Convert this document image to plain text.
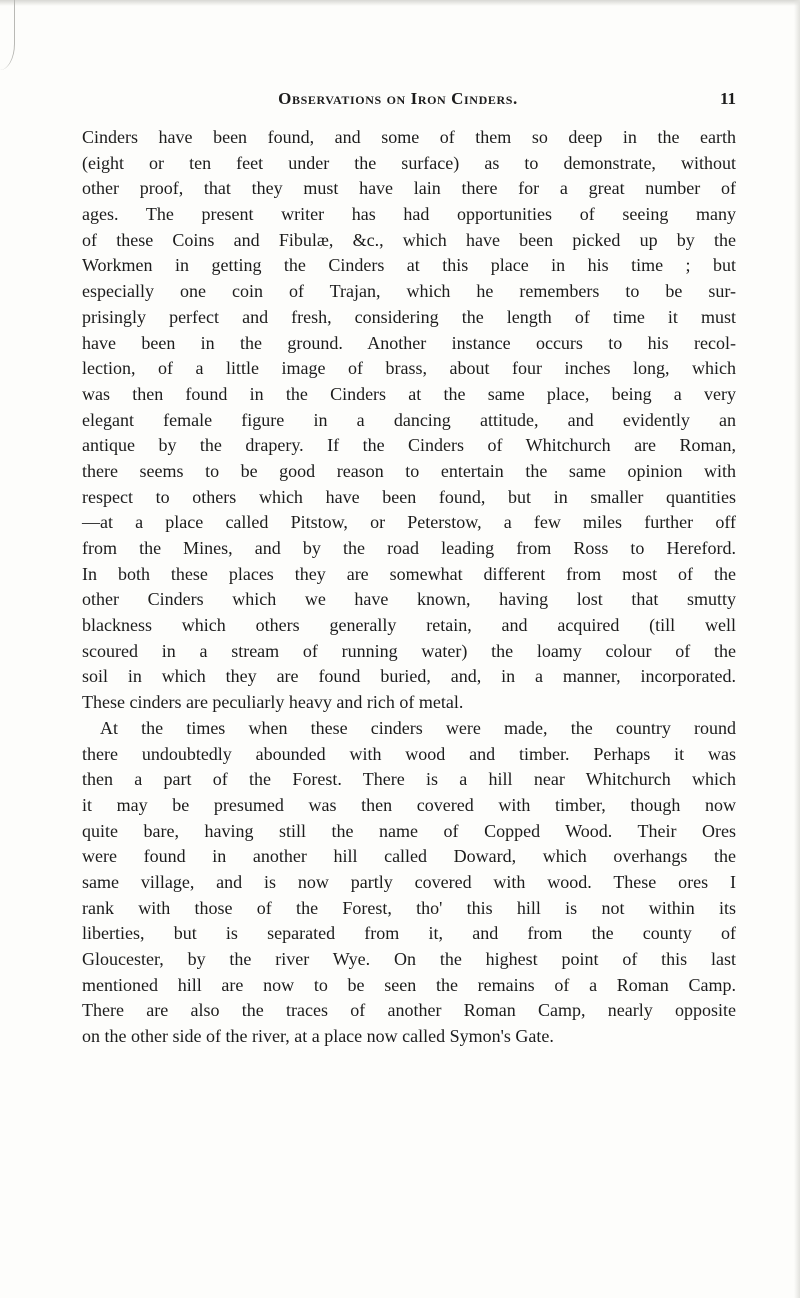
Observations on Iron Cinders.	11
Cinders have been found, and some of them so deep in the earth
(eight or ten feet under the surface) as to demonstrate, without
other proof, that they must have lain there for a great number of
ages. The present writer has had opportunities of seeing many
of these Coins and Fibulæ, &c., which have been picked up by the
Workmen in getting the Cinders at this place in his time ; but
especially one coin of Trajan, which he remembers to be sur-
prisingly perfect and fresh, considering the length of time it must
have been in the ground. Another instance occurs to his recol-
lection, of a little image of brass, about four inches long, which
was then found in the Cinders at the same place, being a very
elegant female figure in a dancing attitude, and evidently an
antique by the drapery. If the Cinders of Whitchurch are Roman,
there seems to be good reason to entertain the same opinion with
respect to others which have been found, but in smaller quantities
—at a place called Pitstow, or Peterstow, a few miles further off
from the Mines, and by the road leading from Ross to Hereford.
In both these places they are somewhat different from most of the
other Cinders which we have known, having lost that smutty
blackness which others generally retain, and acquired (till well
scoured in a stream of running water) the loamy colour of the
soil in which they are found buried, and, in a manner, incorporated.
These cinders are peculiarly heavy and rich of metal.
At the times when these cinders were made, the country round
there undoubtedly abounded with wood and timber. Perhaps it was
then a part of the Forest. There is a hill near Whitchurch which
it may be presumed was then covered with timber, though now
quite bare, having still the name of Copped Wood. Their Ores
were found in another hill called Doward, which overhangs the
same village, and is now partly covered with wood. These ores I
rank with those of the Forest, tho' this hill is not within its
liberties, but is separated from it, and from the county of
Gloucester, by the river Wye. On the highest point of this last
mentioned hill are now to be seen the remains of a Roman Camp.
There are also the traces of another Roman Camp, nearly opposite
on the other side of the river, at a place now called Symon's Gate.
